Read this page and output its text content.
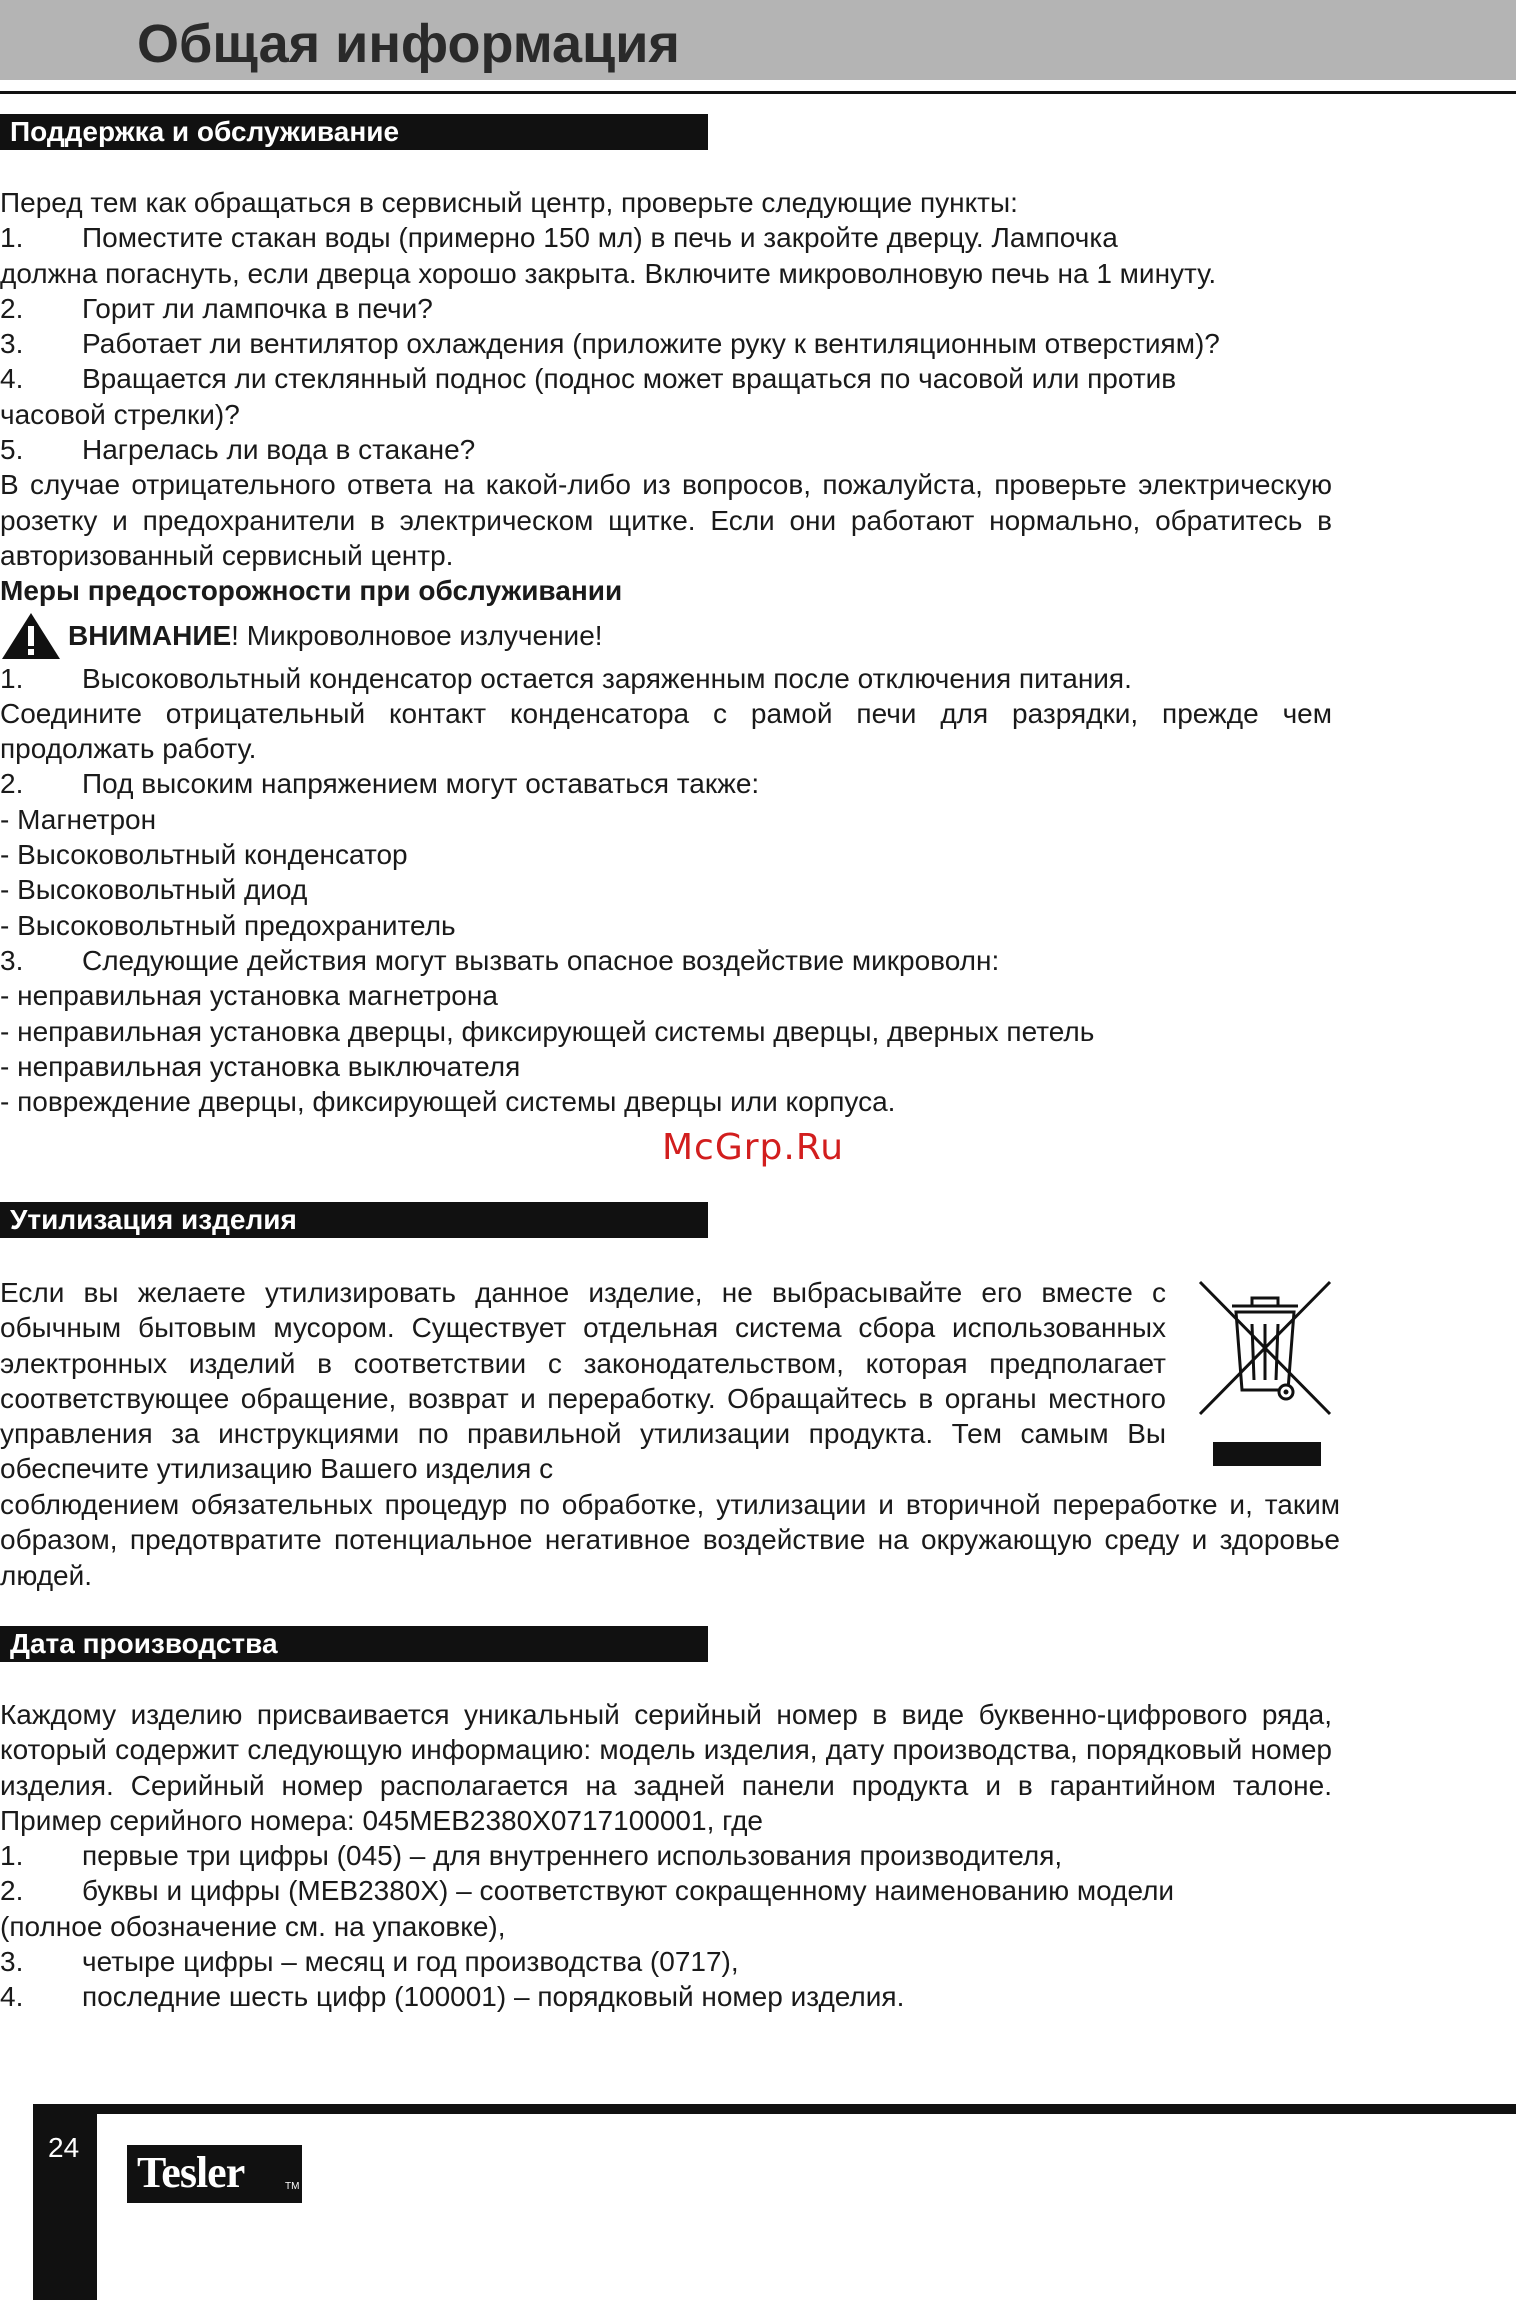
Общая информация
Поддержка и обслуживание

Перед тем как обращаться в сервисный центр, проверьте следующие пункты:

1.	Поместите стакан воды (примерно 150 мл) в печь и закройте дверцу. Лампочка

должна погаснуть, если дверца хорошо закрыта. Включите микроволновую печь на 1 минуту.

2.	Горит ли лампочка в печи?
3.	Работает ли вентилятор охлаждения (приложите руку к вентиляционным отверстиям)?
4.	Вращается ли стеклянный поднос (поднос может вращаться по часовой или против

часовой стрелки)?

5.	Нагрелась ли вода в стакане?

В случае отрицательного ответа на какой-либо из вопросов, пожалуйста, проверьте электрическую розетку и предохранители в электрическом щитке. Если они работают нормально, обратитесь в авторизованный сервисный центр.

Меры предосторожности при обслуживании

ВНИМАНИЕ! Микроволновое излучение!
1.	Высоковольтный конденсатор остается заряженным после отключения питания.

Соедините отрицательный контакт конденсатора с рамой печи для разрядки, прежде чем продолжать работу.

2.	Под высоким напряжением могут оставаться также:

- Магнетрон

- Высоковольтный конденсатор

- Высоковольтный диод

- Высоковольтный предохранитель

3.	Следующие действия могут вызвать опасное воздействие микроволн:

- неправильная установка магнетрона

- неправильная установка дверцы, фиксирующей системы дверцы, дверных петель

- неправильная установка выключателя

- повреждение дверцы, фиксирующей системы дверцы или корпуса.

McGrp.Ru
Утилизация изделия

Если вы желаете утилизировать данное изделие, не выбрасывайте его вместе с обычным бытовым мусором. Существует отдельная система сбора использованных электронных изделий в соответствии с законодательством, которая предполагает соответствующее обращение, возврат и переработку. Обращайтесь в органы местного управления за инструкциями по правильной утилизации продукта. Тем самым Вы обеспечите утилизацию Вашего изделия с

соблюдением обязательных процедур по обработке, утилизации и вторичной переработке и, таким образом, предотвратите потенциальное негативное воздействие на окружающую среду и здоровье людей.

Дата производства

Каждому изделию присваивается уникальный серийный номер в виде буквенно-цифрового ряда, который содержит следующую информацию: модель изделия, дату производства, порядковый номер изделия. Серийный номер располагается на задней панели продукта и в гарантийном талоне. Пример серийного номера: 045MEB2380X0717100001, где

1.	первые три цифры (045) – для внутреннего использования производителя,
2.	буквы и цифры (MEB2380X) – соответствуют сокращенному наименованию модели

(полное обозначение см. на упаковке),

3.	четыре цифры – месяц и год производства (0717),
4.	последние шесть цифр (100001) – порядковый номер изделия.
24
Tesler	TM
